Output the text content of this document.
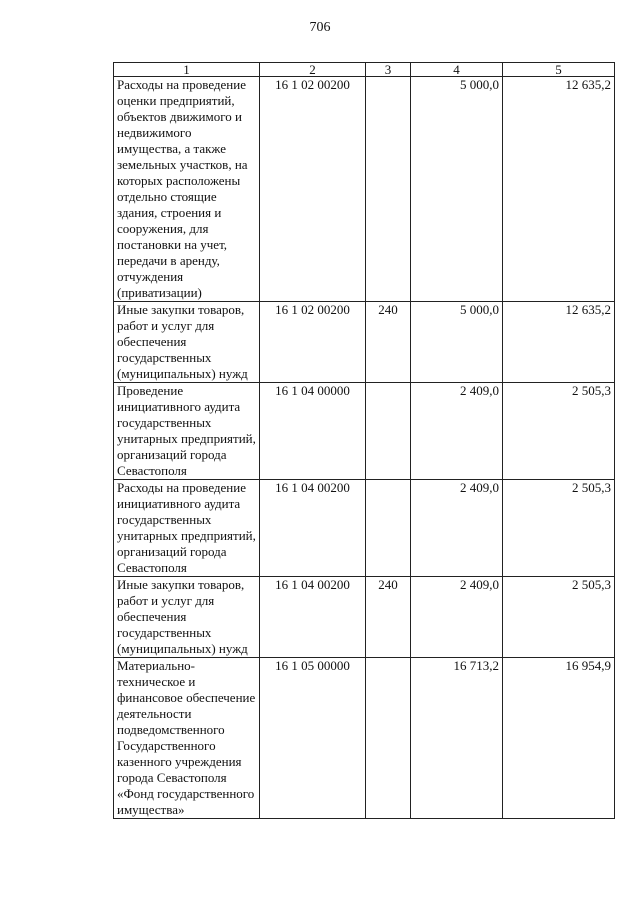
706
1	2	3	4	5
Расходы на проведение оценки предприятий, объектов движимого и недвижимого имущества, а также земельных участков, на которых расположены отдельно стоящие здания, строения и сооружения, для постановки на учет, передачи в аренду, отчуждения (приватизации)	16 1 02 00200		5 000,0	12 635,2
Иные закупки товаров, работ и услуг для обеспечения государственных (муниципальных) нужд	16 1 02 00200	240	5 000,0	12 635,2
Проведение инициативного аудита государственных унитарных предприятий, организаций города Севастополя	16 1 04 00000		2 409,0	2 505,3
Расходы на проведение инициативного аудита государственных унитарных предприятий, организаций города Севастополя	16 1 04 00200		2 409,0	2 505,3
Иные закупки товаров, работ и услуг для обеспечения государственных (муниципальных) нужд	16 1 04 00200	240	2 409,0	2 505,3
Материально-техническое и финансовое обеспечение деятельности подведомственного Государственного казенного учреждения города Севастополя «Фонд государственного имущества»	16 1 05 00000		16 713,2	16 954,9
